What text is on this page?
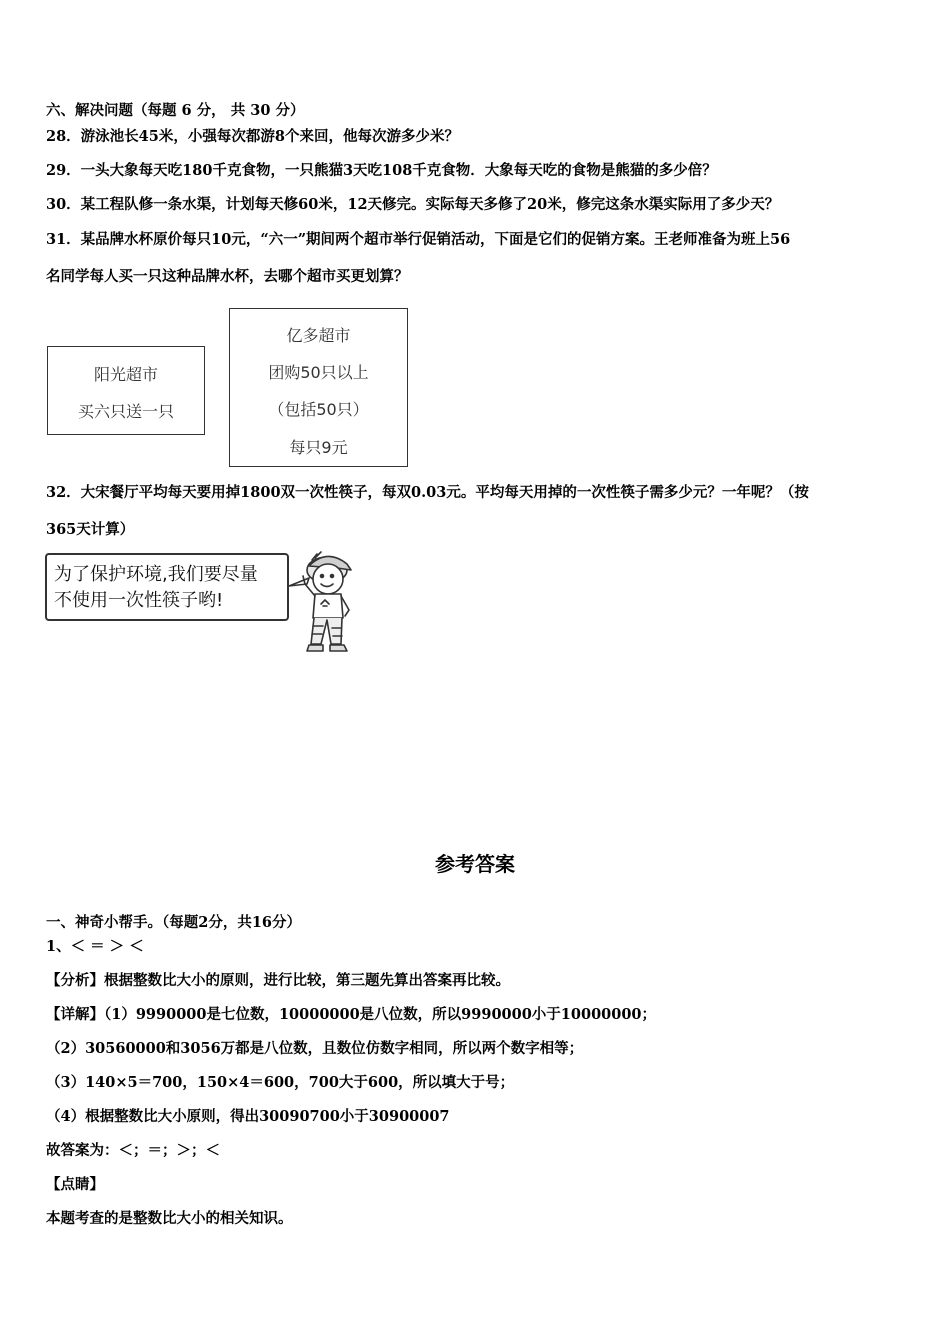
六、解决问题（每题 6 分， 共 30 分）
28．游泳池长45米，小强每次都游8个来回，他每次游多少米？
29．一头大象每天吃180千克食物，一只熊猫3天吃108千克食物．大象每天吃的食物是熊猫的多少倍？
30．某工程队修一条水渠，计划每天修60米，12天修完。实际每天多修了20米，修完这条水渠实际用了多少天？
31．某品牌水杯原价每只10元，“六一”期间两个超市举行促销活动，下面是它们的促销方案。王老师准备为班上56
名同学每人买一只这种品牌水杯，去哪个超市买更划算？
阳光超市
买六只送一只
亿多超市
团购50只以上
（包括50只）
每只9元
32．大宋餐厅平均每天要用掉1800双一次性筷子，每双0.03元。平均每天用掉的一次性筷子需多少元？一年呢？（按
365天计算）
为了保护环境,我们要尽量
不使用一次性筷子哟!
参考答案
一、神奇小帮手。（每题2分，共16分）
1、＜ ＝ ＞ ＜
【分析】根据整数比大小的原则，进行比较，第三题先算出答案再比较。
【详解】（1）9990000是七位数，10000000是八位数，所以9990000小于10000000；
（2）30560000和3056万都是八位数，且数位仿数字相同，所以两个数字相等；
（3）140×5＝700，150×4＝600，700大于600，所以填大于号；
（4）根据整数比大小原则，得出30090700小于30900007
故答案为：＜；＝；＞；＜
【点睛】
本题考查的是整数比大小的相关知识。
